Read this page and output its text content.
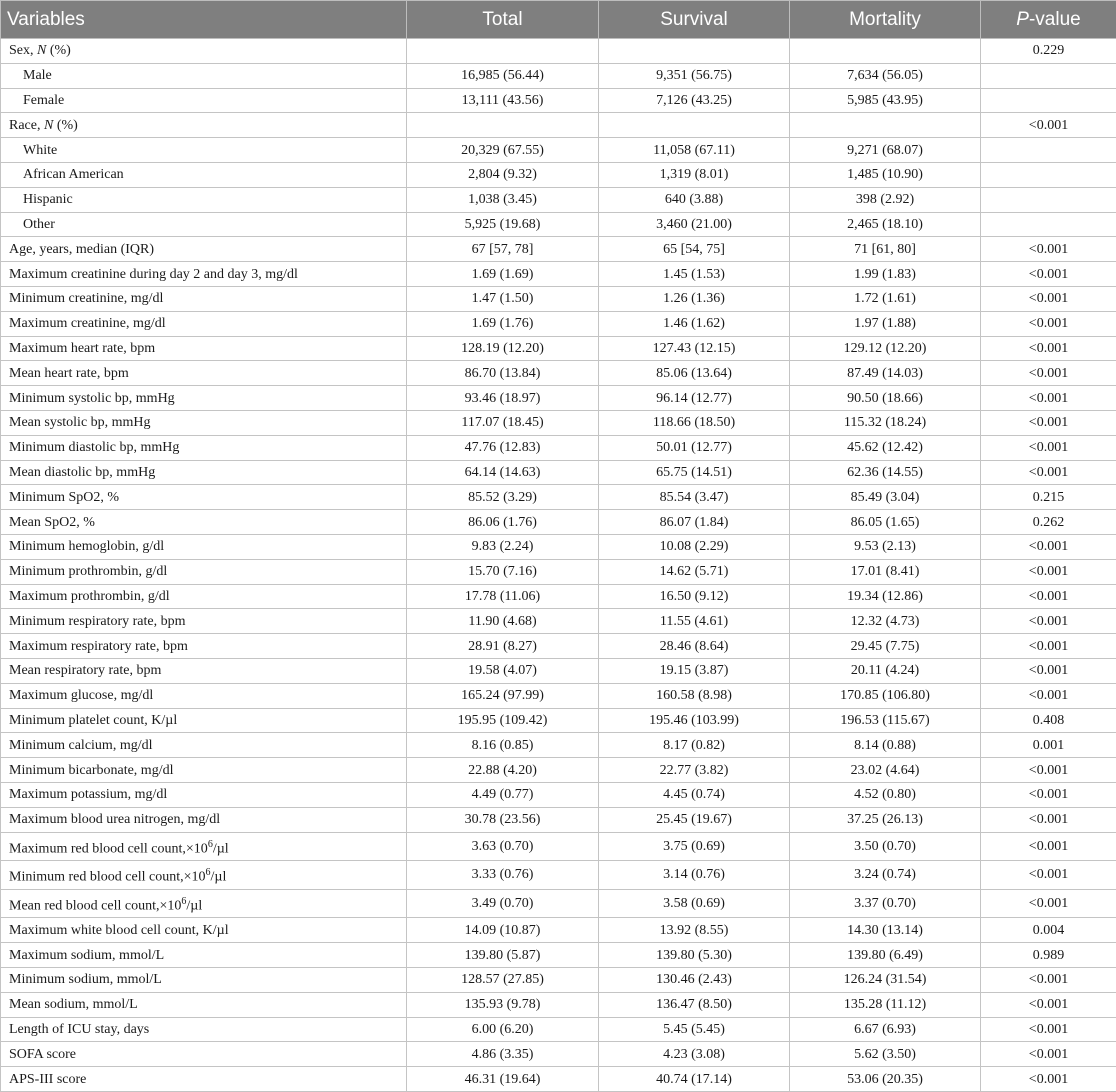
Variables	Total	Survival	Mortality	P-value
Sex, N (%)				0.229
Male	16,985 (56.44)	9,351 (56.75)	7,634 (56.05)	
Female	13,111 (43.56)	7,126 (43.25)	5,985 (43.95)	
Race, N (%)				<0.001
White	20,329 (67.55)	11,058 (67.11)	9,271 (68.07)	
African American	2,804 (9.32)	1,319 (8.01)	1,485 (10.90)	
Hispanic	1,038 (3.45)	640 (3.88)	398 (2.92)	
Other	5,925 (19.68)	3,460 (21.00)	2,465 (18.10)	
Age, years, median (IQR)	67 [57, 78]	65 [54, 75]	71 [61, 80]	<0.001
Maximum creatinine during day 2 and day 3, mg/dl	1.69 (1.69)	1.45 (1.53)	1.99 (1.83)	<0.001
Minimum creatinine, mg/dl	1.47 (1.50)	1.26 (1.36)	1.72 (1.61)	<0.001
Maximum creatinine, mg/dl	1.69 (1.76)	1.46 (1.62)	1.97 (1.88)	<0.001
Maximum heart rate, bpm	128.19 (12.20)	127.43 (12.15)	129.12 (12.20)	<0.001
Mean heart rate, bpm	86.70 (13.84)	85.06 (13.64)	87.49 (14.03)	<0.001
Minimum systolic bp, mmHg	93.46 (18.97)	96.14 (12.77)	90.50 (18.66)	<0.001
Mean systolic bp, mmHg	117.07 (18.45)	118.66 (18.50)	115.32 (18.24)	<0.001
Minimum diastolic bp, mmHg	47.76 (12.83)	50.01 (12.77)	45.62 (12.42)	<0.001
Mean diastolic bp, mmHg	64.14 (14.63)	65.75 (14.51)	62.36 (14.55)	<0.001
Minimum SpO2, %	85.52 (3.29)	85.54 (3.47)	85.49 (3.04)	0.215
Mean SpO2, %	86.06 (1.76)	86.07 (1.84)	86.05 (1.65)	0.262
Minimum hemoglobin, g/dl	9.83 (2.24)	10.08 (2.29)	9.53 (2.13)	<0.001
Minimum prothrombin, g/dl	15.70 (7.16)	14.62 (5.71)	17.01 (8.41)	<0.001
Maximum prothrombin, g/dl	17.78 (11.06)	16.50 (9.12)	19.34 (12.86)	<0.001
Minimum respiratory rate, bpm	11.90 (4.68)	11.55 (4.61)	12.32 (4.73)	<0.001
Maximum respiratory rate, bpm	28.91 (8.27)	28.46 (8.64)	29.45 (7.75)	<0.001
Mean respiratory rate, bpm	19.58 (4.07)	19.15 (3.87)	20.11 (4.24)	<0.001
Maximum glucose, mg/dl	165.24 (97.99)	160.58 (8.98)	170.85 (106.80)	<0.001
Minimum platelet count, K/µl	195.95 (109.42)	195.46 (103.99)	196.53 (115.67)	0.408
Minimum calcium, mg/dl	8.16 (0.85)	8.17 (0.82)	8.14 (0.88)	0.001
Minimum bicarbonate, mg/dl	22.88 (4.20)	22.77 (3.82)	23.02 (4.64)	<0.001
Maximum potassium, mg/dl	4.49 (0.77)	4.45 (0.74)	4.52 (0.80)	<0.001
Maximum blood urea nitrogen, mg/dl	30.78 (23.56)	25.45 (19.67)	37.25 (26.13)	<0.001
Maximum red blood cell $count,\times 10^6/\mu l$	3.63 (0.70)	3.75 (0.69)	3.50 (0.70)	<0.001
Minimum red blood cell $count,\times 10^6/\mu l$	3.33 (0.76)	3.14 (0.76)	3.24 (0.74)	<0.001
Mean red blood cell $count,\times 10^6/\mu l$	3.49 (0.70)	3.58 (0.69)	3.37 (0.70)	<0.001
Maximum white blood cell count, K/µl	14.09 (10.87)	13.92 (8.55)	14.30 (13.14)	0.004
Maximum sodium, mmol/L	139.80 (5.87)	139.80 (5.30)	139.80 (6.49)	0.989
Minimum sodium, mmol/L	128.57 (27.85)	130.46 (2.43)	126.24 (31.54)	<0.001
Mean sodium, mmol/L	135.93 (9.78)	136.47 (8.50)	135.28 (11.12)	<0.001
Length of ICU stay, days	6.00 (6.20)	5.45 (5.45)	6.67 (6.93)	<0.001
SOFA score	4.86 (3.35)	4.23 (3.08)	5.62 (3.50)	<0.001
APS-III score	46.31 (19.64)	40.74 (17.14)	53.06 (20.35)	<0.001
